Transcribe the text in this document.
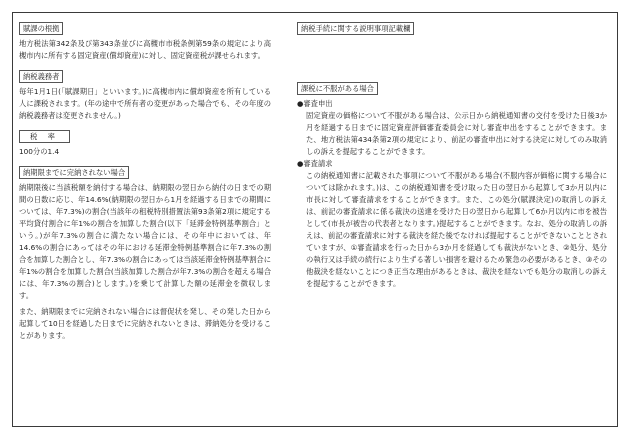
賦課の根拠
地方税法第342条及び第343条並びに高槻市市税条例第59条の規定により高槻市内に所有する固定資産(償却資産)に対し、固定資産税が課せられます。
納税義務者
毎年1月1日(「賦課期日」といいます。)に高槻市内に償却資産を所有している人に課税されます。(年の途中で所有者の変更があった場合でも、その年度の納税義務者は変更されません。)
税 率
100分の1.4
納期限までに完納されない場合
納期限後に当該税額を納付する場合は、納期限の翌日から納付の日までの期間の日数に応じ、年14.6%(納期限の翌日から1月を経過する日までの期間については、年7.3%)の割合(当該年の租税特別措置法第93条第2項に規定する平均貸付割合に年1%の割合を加算した割合(以下「延滞金特例基準割合」という。)が年7.3%の割合に満たない場合には、その年中においては、年14.6%の割合にあってはその年における延滞金特例基準割合に年7.3%の割合を加算した割合とし、年7.3%の割合にあっては当該延滞金特例基準割合に年1%の割合を加算した割合(当該加算した割合が年7.3%の割合を超える場合には、年7.3%の割合)とします。)を乗じて計算した額の延滞金を徴収します。
また、納期限までに完納されない場合には督促状を発し、その発した日から起算して10日を経過した日までに完納されないときは、滞納処分を受けることがあります。
納税手続に関する説明事項記載欄
課税に不服がある場合
●審査申出
固定資産の価格について不服がある場合は、公示日から納税通知書の交付を受けた日後3か月を経過する日までに固定資産評価審査委員会に対し審査申出をすることができます。また、地方税法第434条第2項の規定により、前記の審査申出に対する決定に対してのみ取消しの訴えを提起することができます。
●審査請求
この納税通知書に記載された事項について不服がある場合(不服内容が価格に関する場合については除かれます。)は、この納税通知書を受け取った日の翌日から起算して3か月以内に市長に対して審査請求をすることができます。また、この処分(賦課決定)の取消しの訴えは、前記の審査請求に係る裁決の送達を受けた日の翌日から起算して6か月以内に市を被告として(市長が被告の代表者となります。)提起することができます。なお、処分の取消しの訴えは、前記の審査請求に対する裁決を経た後でなければ提起することができないこととされていますが、①審査請求を行った日から3か月を経過しても裁決がないとき、②処分、処分の執行又は手続の続行により生ずる著しい損害を避けるため緊急の必要があるとき、③その他裁決を経ないことにつき正当な理由があるときは、裁決を経ないでも処分の取消しの訴えを提起することができます。
